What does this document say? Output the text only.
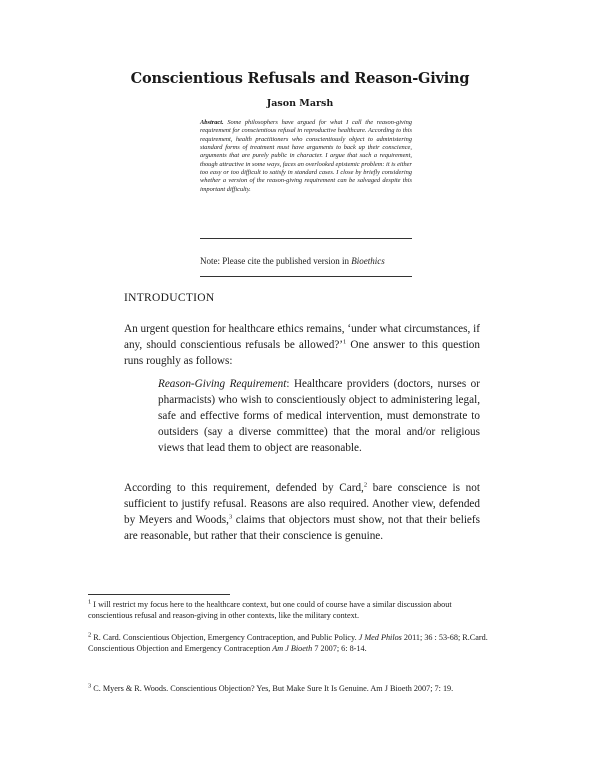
Conscientious Refusals and Reason-Giving
Jason Marsh
Abstract. Some philosophers have argued for what I call the reason-giving requirement for conscientious refusal in reproductive healthcare. According to this requirement, health practitioners who conscientiously object to administering standard forms of treatment must have arguments to back up their conscience, arguments that are purely public in character. I argue that such a requirement, though attractive in some ways, faces an overlooked epistemic problem: it is either too easy or too difficult to satisfy in standard cases. I close by briefly considering whether a version of the reason-giving requirement can be salvaged despite this important difficulty.
Note: Please cite the published version in Bioethics
INTRODUCTION
An urgent question for healthcare ethics remains, ‘under what circumstances, if any, should conscientious refusals be allowed?’$^1$ One answer to this question runs roughly as follows:
Reason-Giving Requirement: Healthcare providers (doctors, nurses or pharmacists) who wish to conscientiously object to administering legal, safe and effective forms of medical intervention, must demonstrate to outsiders (say a diverse committee) that the moral and/or religious views that lead them to object are reasonable.
According to this requirement, defended by Card,$^2$ bare conscience is not sufficient to justify refusal. Reasons are also required. Another view, defended by Meyers and Woods,$^3$ claims that objectors must show, not that their beliefs are reasonable, but rather that their conscience is genuine.
$^1$ I will restrict my focus here to the healthcare context, but one could of course have a similar discussion about conscientious refusal and reason-giving in other contexts, like the military context.
$^2$ R. Card. Conscientious Objection, Emergency Contraception, and Public Policy. J Med Philos 2011; 36 : 53-68; R.Card. Conscientious Objection and Emergency Contraception Am J Bioeth 7 2007; 6: 8-14.
$^3$ C. Myers & R. Woods. Conscientious Objection? Yes, But Make Sure It Is Genuine. Am J Bioeth 2007; 7: 19.
